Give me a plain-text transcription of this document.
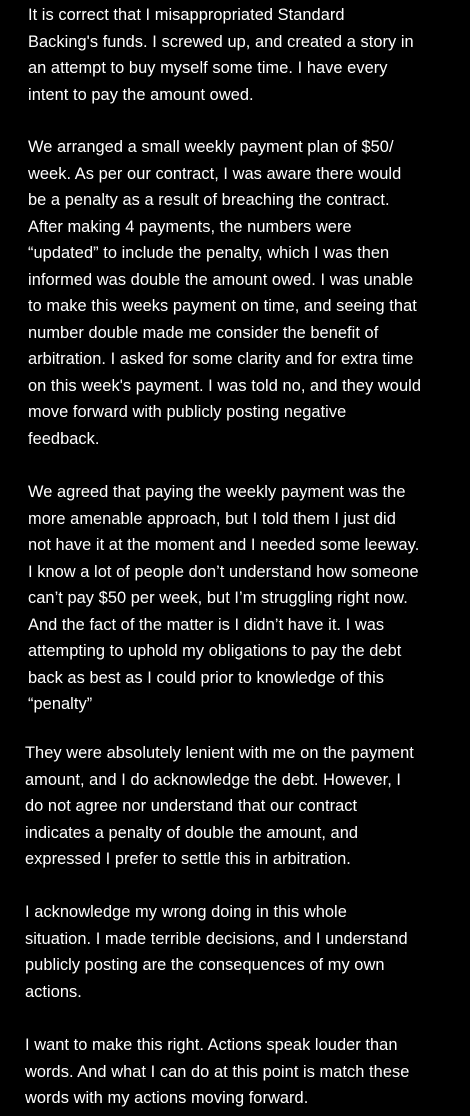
It is correct that I misappropriated Standard
Backing's funds. I screwed up, and created a story in
an attempt to buy myself some time. I have every
intent to pay the amount owed.

We arranged a small weekly payment plan of $50/
week. As per our contract, I was aware there would
be a penalty as a result of breaching the contract.
After making 4 payments, the numbers were
“updated” to include the penalty, which I was then
informed was double the amount owed. I was unable
to make this weeks payment on time, and seeing that
number double made me consider the benefit of
arbitration. I asked for some clarity and for extra time
on this week's payment. I was told no, and they would
move forward with publicly posting negative
feedback.

We agreed that paying the weekly payment was the
more amenable approach, but I told them I just did
not have it at the moment and I needed some leeway.
I know a lot of people don’t understand how someone
can’t pay $50 per week, but I’m struggling right now.
And the fact of the matter is I didn’t have it. I was
attempting to uphold my obligations to pay the debt
back as best as I could prior to knowledge of this
“penalty”

They were absolutely lenient with me on the payment
amount, and I do acknowledge the debt. However, I
do not agree nor understand that our contract
indicates a penalty of double the amount, and
expressed I prefer to settle this in arbitration.

I acknowledge my wrong doing in this whole
situation. I made terrible decisions, and I understand
publicly posting are the consequences of my own
actions.

I want to make this right. Actions speak louder than
words. And what I can do at this point is match these
words with my actions moving forward.
